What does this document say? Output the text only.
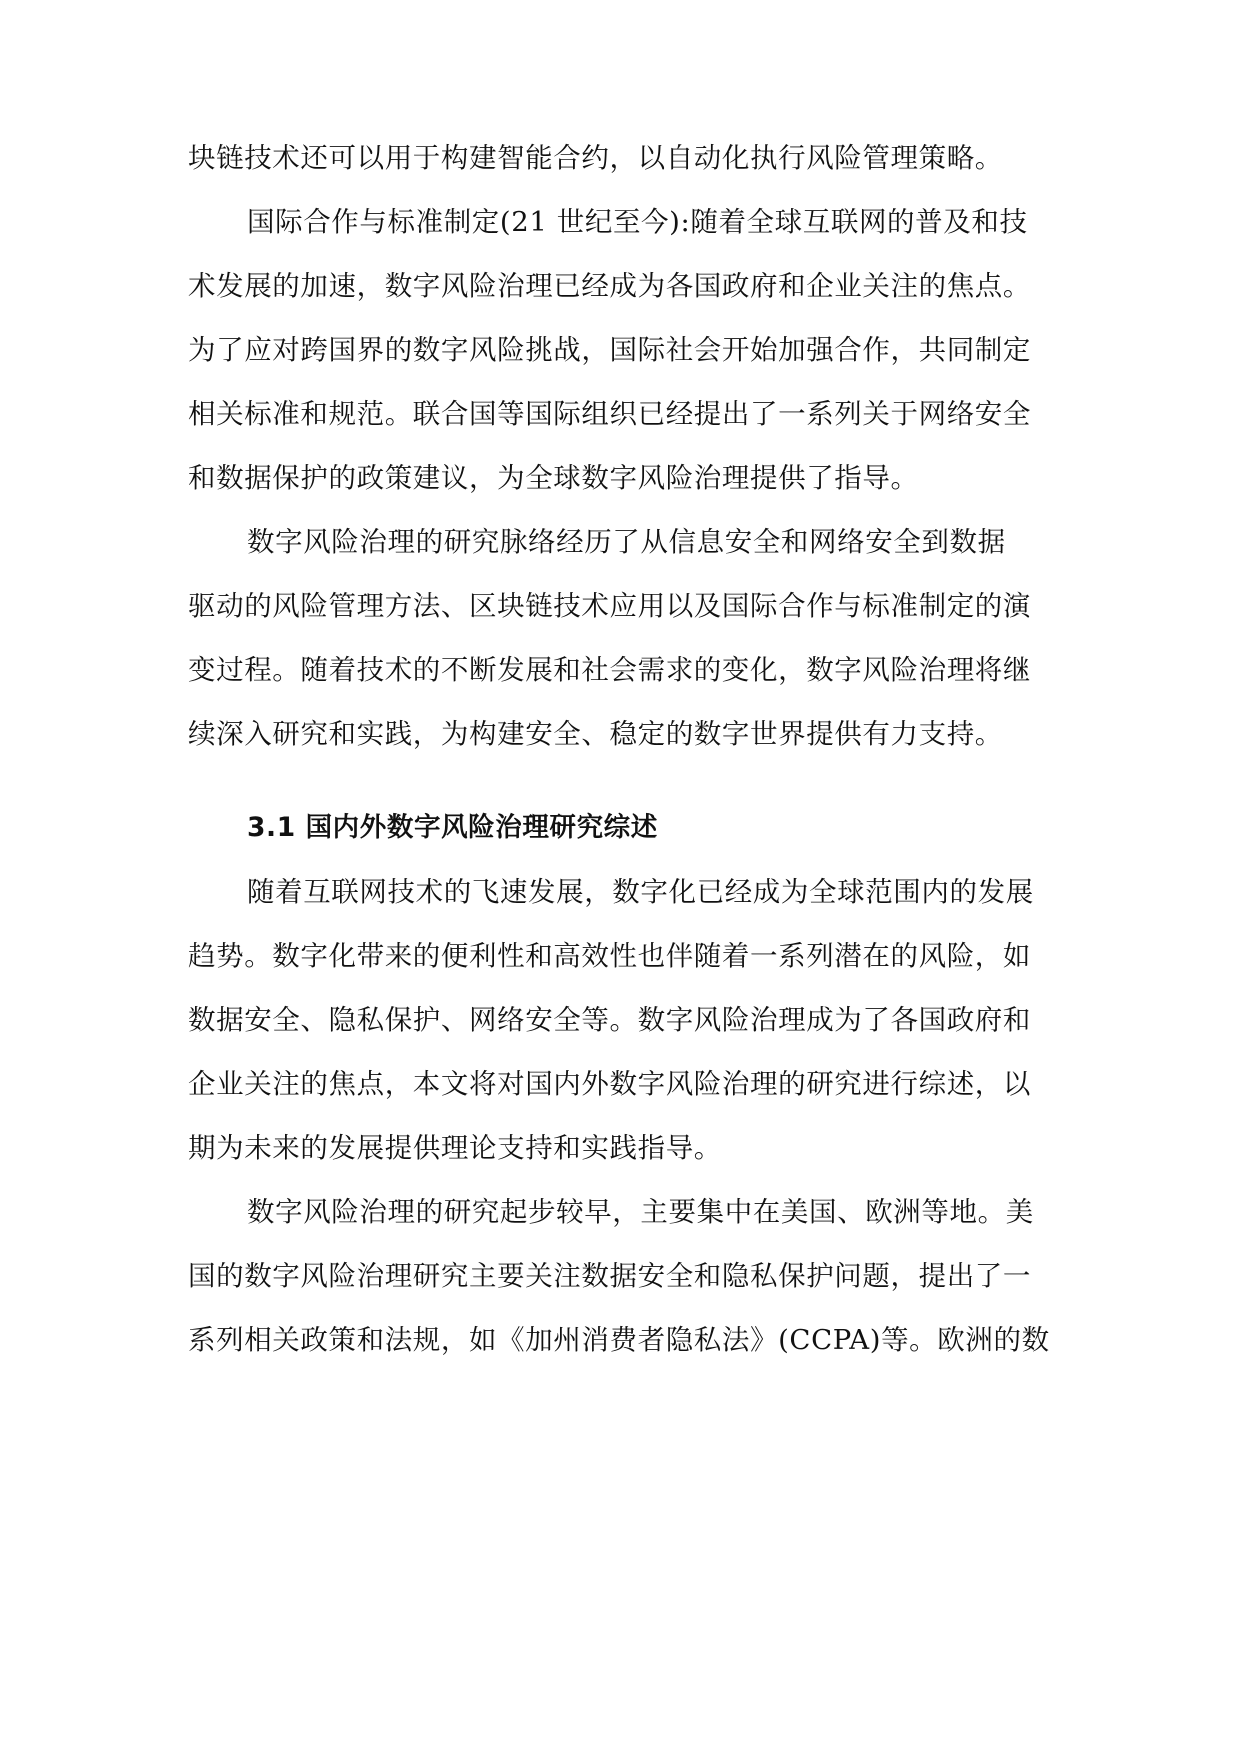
块链技术还可以用于构建智能合约，以自动化执行风险管理策略。
国际合作与标准制定(21 世纪至今):随着全球互联网的普及和技
术发展的加速，数字风险治理已经成为各国政府和企业关注的焦点。
为了应对跨国界的数字风险挑战，国际社会开始加强合作，共同制定
相关标准和规范。联合国等国际组织已经提出了一系列关于网络安全
和数据保护的政策建议，为全球数字风险治理提供了指导。
数字风险治理的研究脉络经历了从信息安全和网络安全到数据
驱动的风险管理方法、区块链技术应用以及国际合作与标准制定的演
变过程。随着技术的不断发展和社会需求的变化，数字风险治理将继
续深入研究和实践，为构建安全、稳定的数字世界提供有力支持。
3.1 国内外数字风险治理研究综述
随着互联网技术的飞速发展，数字化已经成为全球范围内的发展
趋势。数字化带来的便利性和高效性也伴随着一系列潜在的风险，如
数据安全、隐私保护、网络安全等。数字风险治理成为了各国政府和
企业关注的焦点，本文将对国内外数字风险治理的研究进行综述，以
期为未来的发展提供理论支持和实践指导。
数字风险治理的研究起步较早，主要集中在美国、欧洲等地。美
国的数字风险治理研究主要关注数据安全和隐私保护问题，提出了一
系列相关政策和法规，如《加州消费者隐私法》(CCPA)等。欧洲的数
